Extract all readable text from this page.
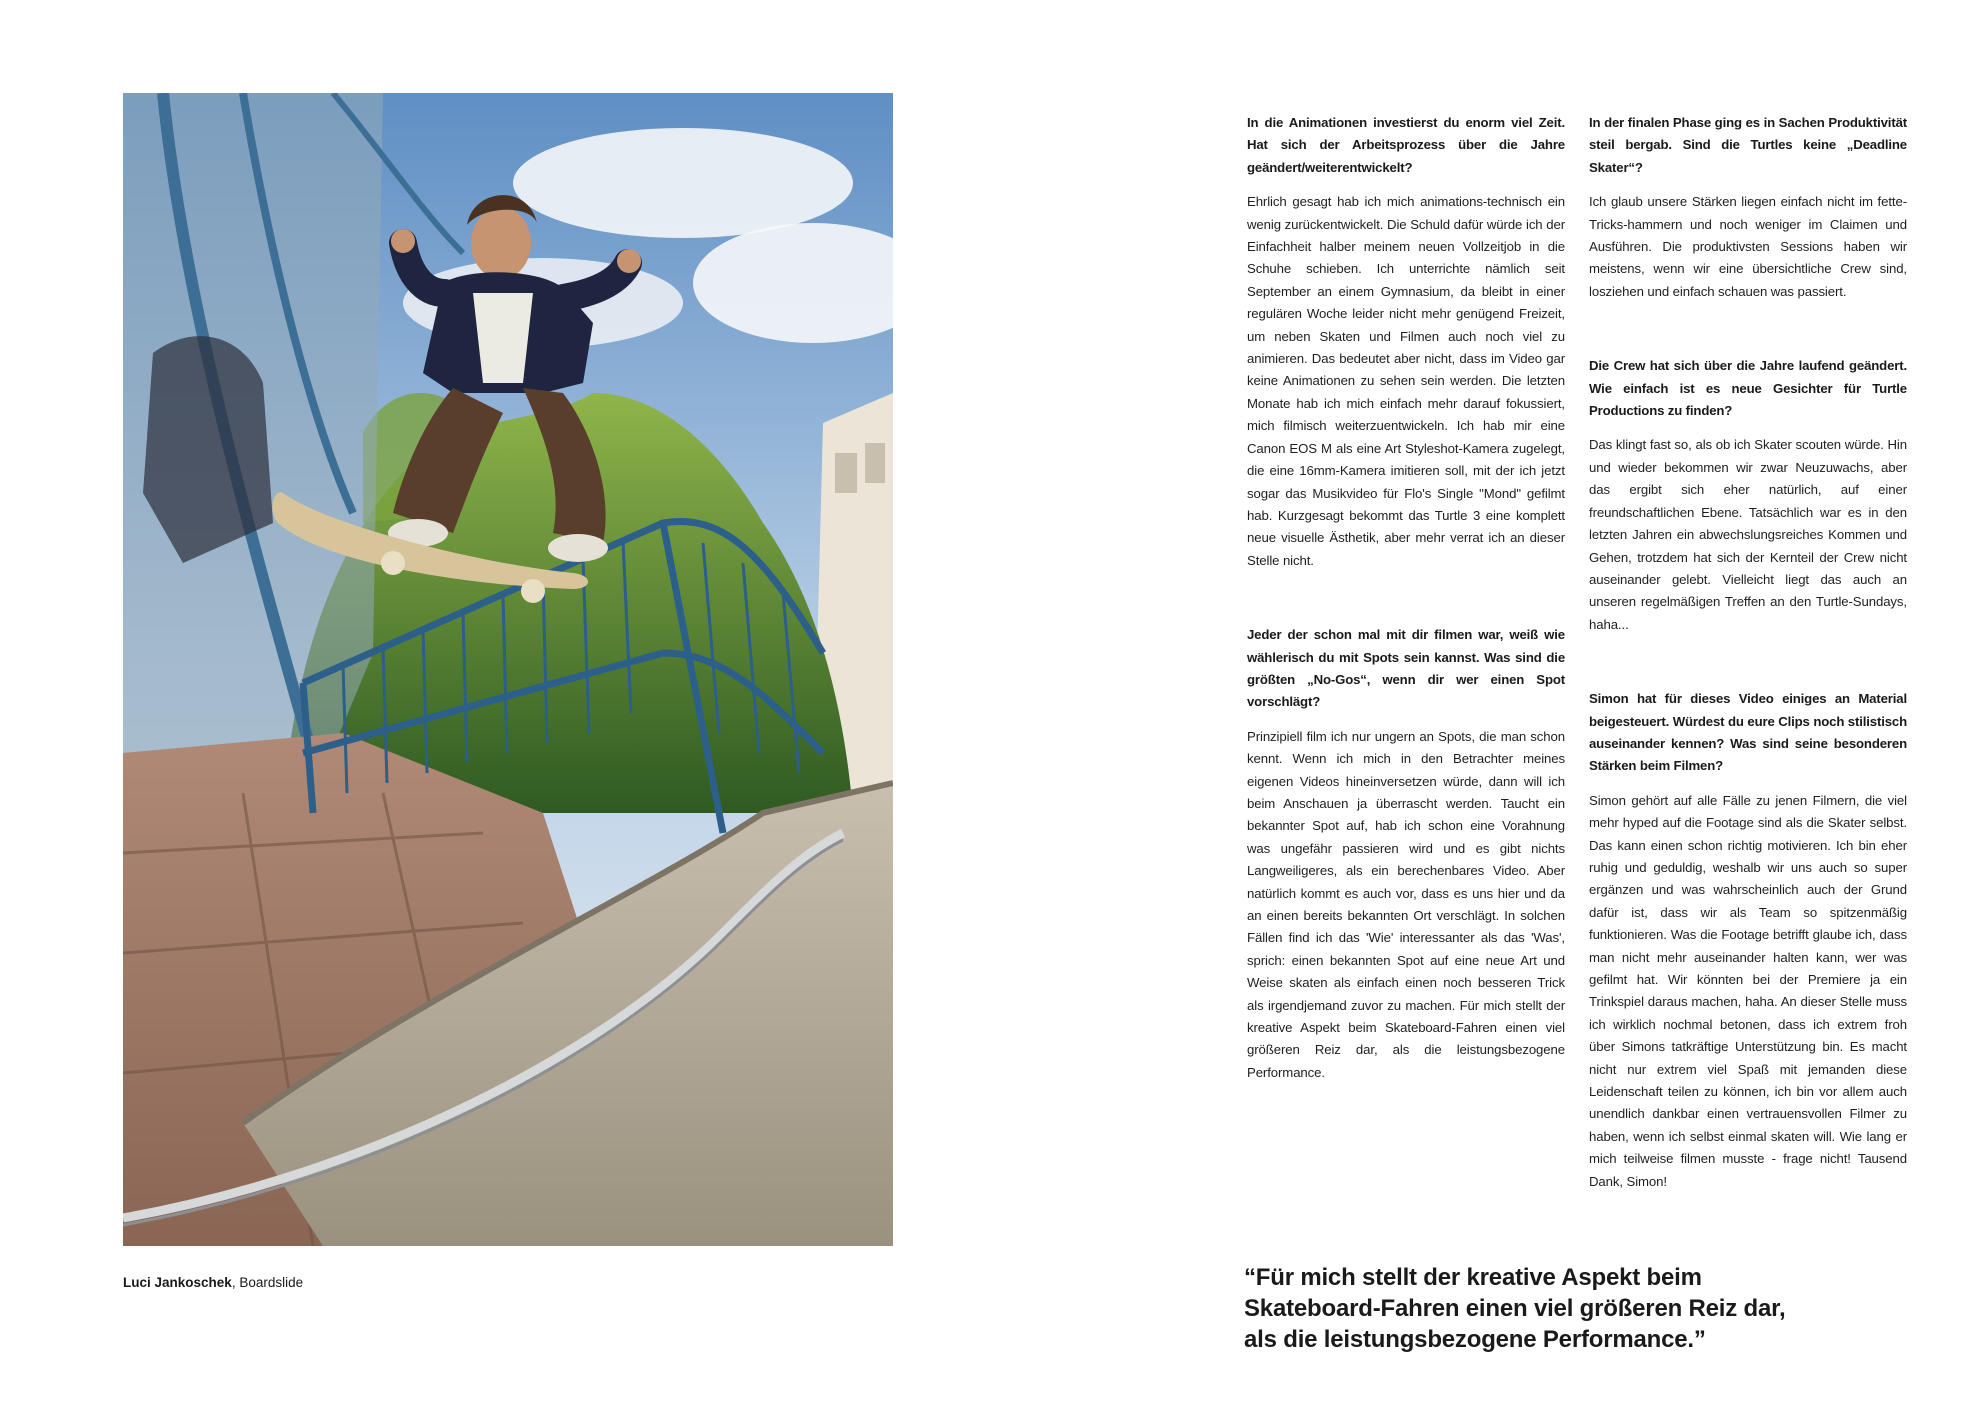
Luci Jankoschek, Boardslide

In die Animationen investierst du enorm viel Zeit. Hat sich der Arbeitsprozess über die Jahre geändert/weiterentwickelt?

Ehrlich gesagt hab ich mich animations-technisch ein wenig zurückentwickelt. Die Schuld dafür würde ich der Einfachheit halber meinem neuen Vollzeitjob in die Schuhe schieben. Ich unterrichte nämlich seit September an einem Gymnasium, da bleibt in einer regulären Woche leider nicht mehr genügend Freizeit, um neben Skaten und Filmen auch noch viel zu animieren. Das bedeutet aber nicht, dass im Video gar keine Animationen zu sehen sein werden. Die letzten Monate hab ich mich einfach mehr darauf fokussiert, mich filmisch weiterzuentwickeln. Ich hab mir eine Canon EOS M als eine Art Styleshot-Kamera zugelegt, die eine 16mm-Kamera imitieren soll, mit der ich jetzt sogar das Musikvideo für Flo's Single "Mond" gefilmt hab. Kurzgesagt bekommt das Turtle 3 eine komplett neue visuelle Ästhetik, aber mehr verrat ich an dieser Stelle nicht.

Jeder der schon mal mit dir filmen war, weiß wie wählerisch du mit Spots sein kannst. Was sind die größten „No-Gos“, wenn dir wer einen Spot vorschlägt?

Prinzipiell film ich nur ungern an Spots, die man schon kennt. Wenn ich mich in den Betrachter meines eigenen Videos hineinversetzen würde, dann will ich beim Anschauen ja überrascht werden. Taucht ein bekannter Spot auf, hab ich schon eine Vorahnung was ungefähr passieren wird und es gibt nichts Langweiligeres, als ein berechenbares Video. Aber natürlich kommt es auch vor, dass es uns hier und da an einen bereits bekannten Ort verschlägt. In solchen Fällen find ich das 'Wie' interessanter als das 'Was', sprich: einen bekannten Spot auf eine neue Art und Weise skaten als einfach einen noch besseren Trick als irgendjemand zuvor zu machen. Für mich stellt der kreative Aspekt beim Skateboard-Fahren einen viel größeren Reiz dar, als die leistungsbezogene Performance.

In der finalen Phase ging es in Sachen Produktivität steil bergab. Sind die Turtles keine „Deadline Skater“?

Ich glaub unsere Stärken liegen einfach nicht im fette-Tricks-hammern und noch weniger im Claimen und Ausführen. Die produktivsten Sessions haben wir meistens, wenn wir eine übersichtliche Crew sind, losziehen und einfach schauen was passiert.

Die Crew hat sich über die Jahre laufend geändert. Wie einfach ist es neue Gesichter für Turtle Productions zu finden?

Das klingt fast so, als ob ich Skater scouten würde. Hin und wieder bekommen wir zwar Neuzuwachs, aber das ergibt sich eher natürlich, auf einer freundschaftlichen Ebene. Tatsächlich war es in den letzten Jahren ein abwechslungsreiches Kommen und Gehen, trotzdem hat sich der Kernteil der Crew nicht auseinander gelebt. Vielleicht liegt das auch an unseren regelmäßigen Treffen an den Turtle-Sundays, haha...

Simon hat für dieses Video einiges an Material beigesteuert. Würdest du eure Clips noch stilistisch auseinander kennen? Was sind seine besonderen Stärken beim Filmen?

Simon gehört auf alle Fälle zu jenen Filmern, die viel mehr hyped auf die Footage sind als die Skater selbst. Das kann einen schon richtig motivieren. Ich bin eher ruhig und geduldig, weshalb wir uns auch so super ergänzen und was wahrscheinlich auch der Grund dafür ist, dass wir als Team so spitzenmäßig funktionieren. Was die Footage betrifft glaube ich, dass man nicht mehr auseinander halten kann, wer was gefilmt hat. Wir könnten bei der Premiere ja ein Trinkspiel daraus machen, haha. An dieser Stelle muss ich wirklich nochmal betonen, dass ich extrem froh über Simons tatkräftige Unterstützung bin. Es macht nicht nur extrem viel Spaß mit jemanden diese Leidenschaft teilen zu können, ich bin vor allem auch unendlich dankbar einen vertrauensvollen Filmer zu haben, wenn ich selbst einmal skaten will. Wie lang er mich teilweise filmen musste - frage nicht! Tausend Dank, Simon!

“Für mich stellt der kreative Aspekt beim
Skateboard-Fahren einen viel größeren Reiz dar,
als die leistungsbezogene Performance.”
